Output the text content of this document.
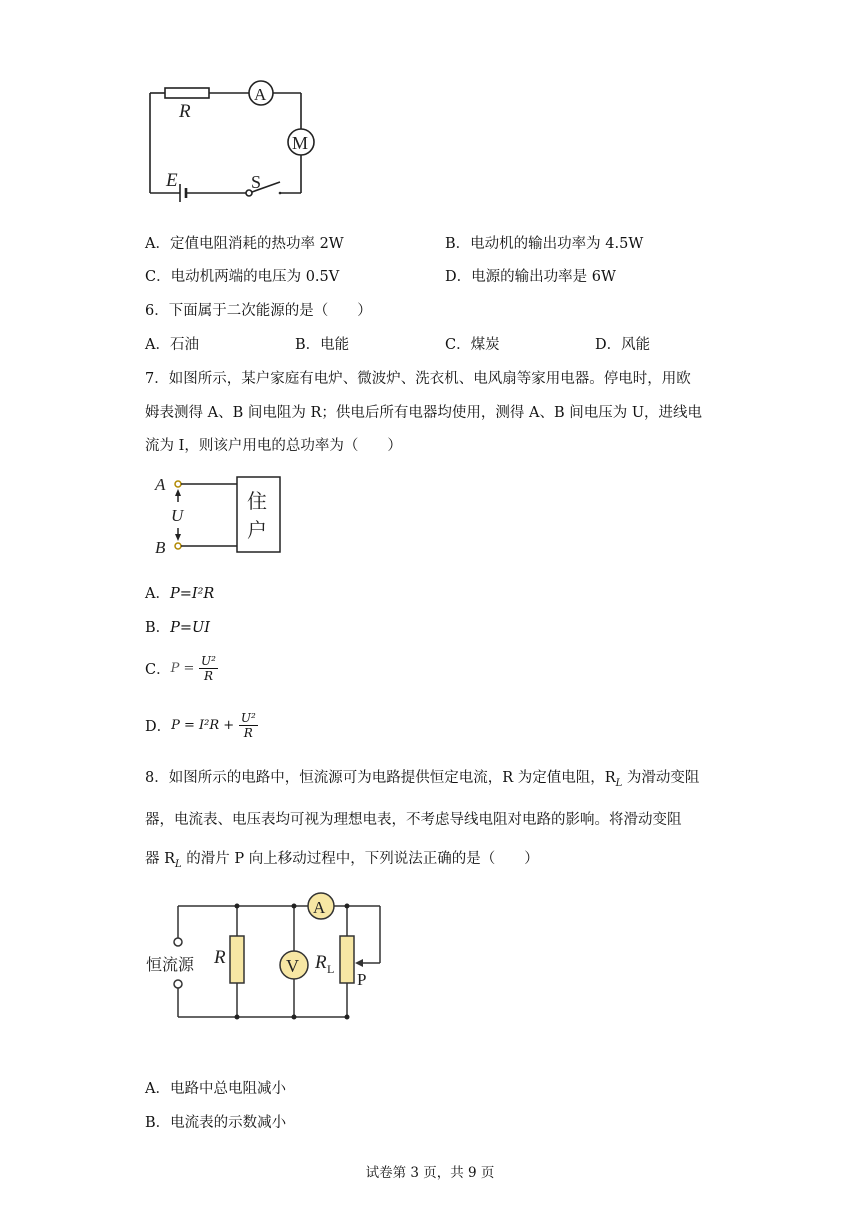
R
A
M
E	S
A．定值电阻消耗的热功率 2W	B．电动机的输出功率为 4.5W
C．电动机两端的电压为 0.5V	D．电源的输出功率是 6W
6．下面属于二次能源的是（　　）
A．石油	B．电能	C．煤炭	D．风能
7．如图所示，某户家庭有电炉、微波炉、洗衣机、电风扇等家用电器。停电时，用欧
姆表测得 A、B 间电阻为 R；供电后所有电器均使用，测得 A、B 间电压为 U，进线电
流为 I，则该户用电的总功率为（　　）
A
B
U
住
户
A．P=I²R
B．P=UI
C．$P = \frac{\text{U²}}{R}$
D．$P = I^2R + \frac{\text{U²}}{R}$
8．如图所示的电路中，恒流源可为电路提供恒定电流，R 为定值电阻，$R_L$ 为滑动变阻
器，电流表、电压表均可视为理想电表，不考虑导线电阻对电路的影响。将滑动变阻
器 $R_L$ 的滑片 P 向上移动过程中，下列说法正确的是（　　）
恒流源 R	V
A
R L
P
A．电路中总电阻减小
B．电流表的示数减小
试卷第 3 页，共 9 页
